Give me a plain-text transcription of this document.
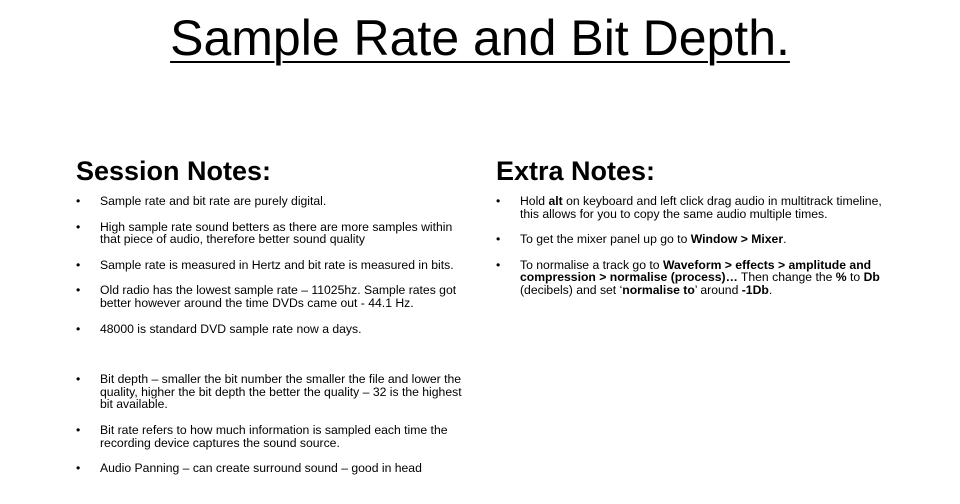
Sample Rate and Bit Depth.
Session Notes:
• Sample rate and bit rate are purely digital.
• High sample rate sound betters as there are more samples within that piece of audio, therefore better sound quality
• Sample rate is measured in Hertz and bit rate is measured in bits.
• Old radio has the lowest sample rate – 11025hz. Sample rates got better however around the time DVDs came out - 44.1 Hz.
• 48000 is standard DVD sample rate now a days.
• Bit depth – smaller the bit number the smaller the file and lower the quality, higher the bit depth the better the quality – 32 is the highest bit available.
• Bit rate refers to how much information is sampled each time the recording device captures the sound source.
• Audio Panning – can create surround sound – good in head
Extra Notes:
• Hold alt on keyboard and left click drag audio in multitrack timeline, this allows for you to copy the same audio multiple times.
• To get the mixer panel up go to Window > Mixer.
• To normalise a track go to Waveform > effects > amplitude and compression > normalise (process)… Then change the % to Db (decibels) and set ‘normalise to’ around -1Db.
